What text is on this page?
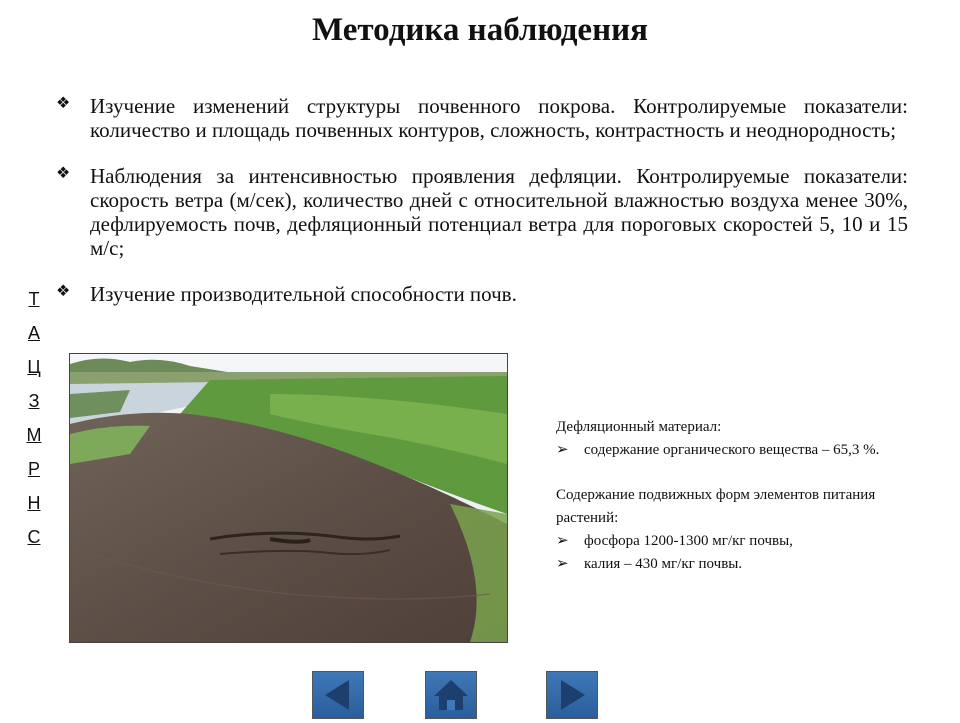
Методика наблюдения
❖ Изучение изменений структуры почвенного покрова. Контролируемые показатели: количество и площадь почвенных контуров, сложность, контрастность и неоднородность;
❖ Наблюдения за интенсивностью проявления дефляции. Контролируемые показатели: скорость ветра (м/сек), количество дней с относительной влажностью воздуха менее 30%, дефлируемость почв, дефляционный потенциал ветра для пороговых скоростей 5, 10 и 15 м/с;
❖ Изучение производительной способности почв.
Т
А
Ц
З
М
Р
Н
С
Дефляционный материал:
➢	содержание органического вещества – 65,3 %.
Содержание подвижных форм элементов питания растений:
➢	фосфора 1200-1300 мг/кг почвы,
➢	калия – 430 мг/кг почвы.
